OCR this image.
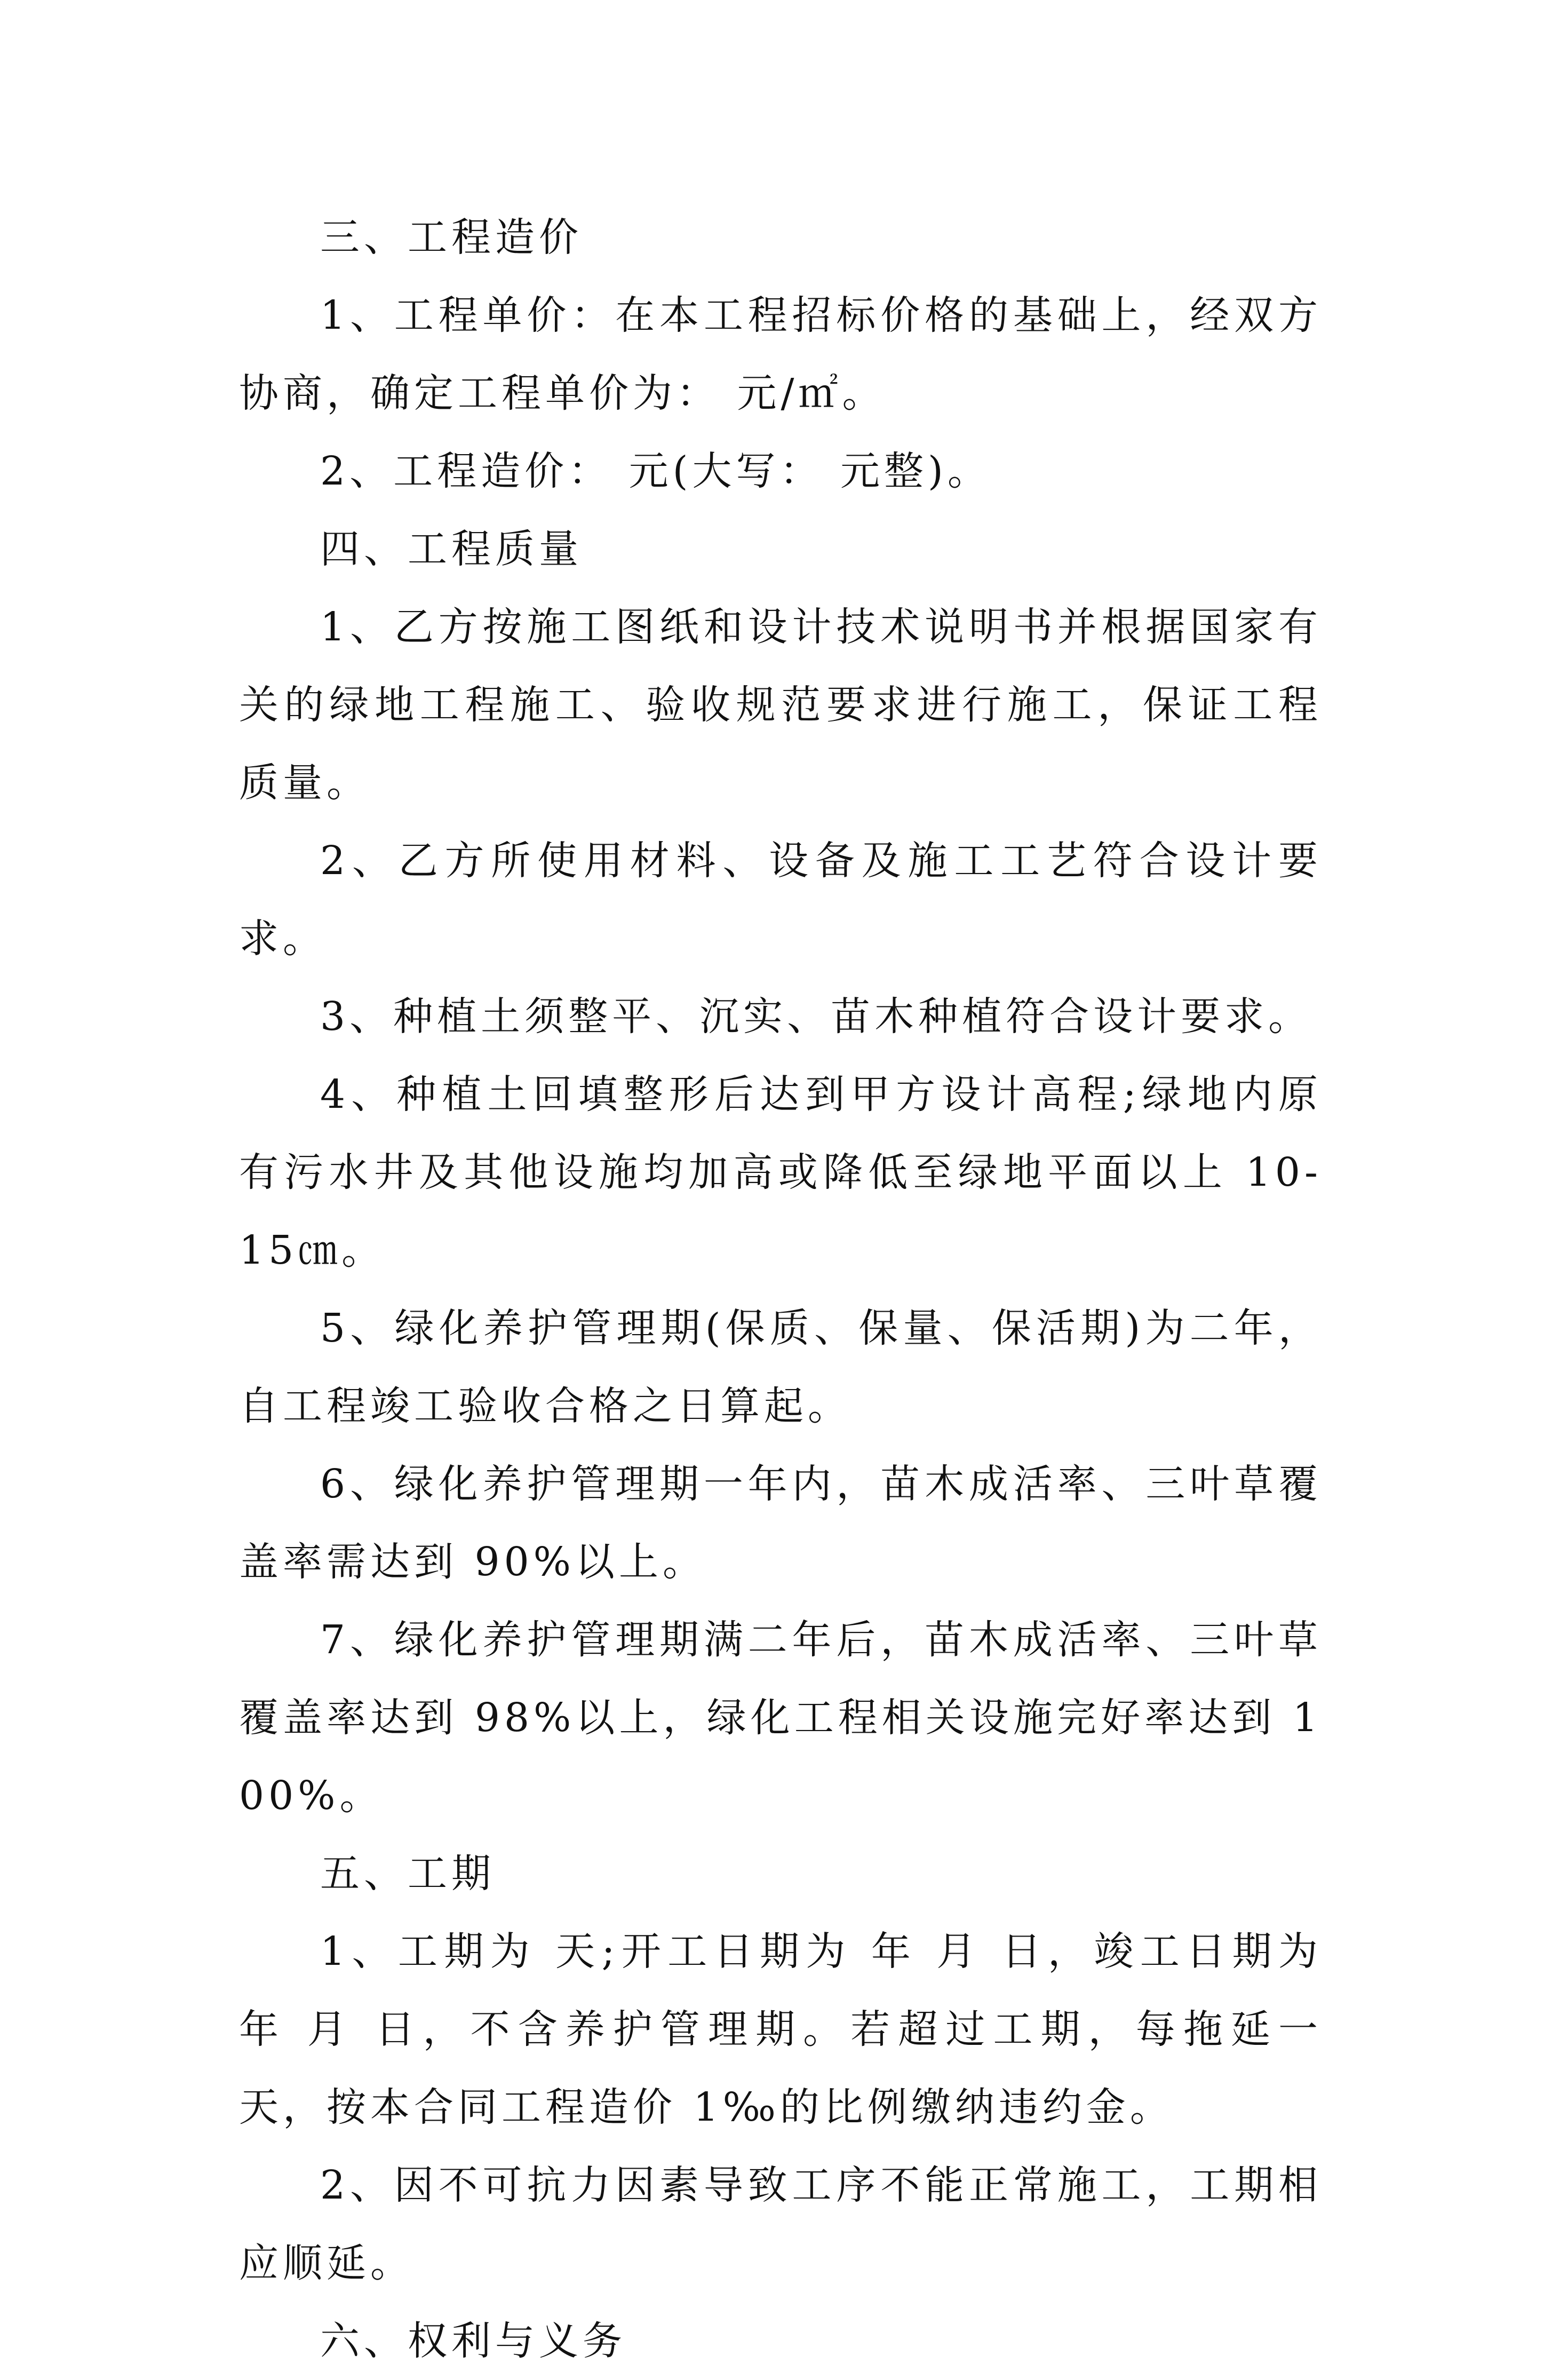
三、工程造价

1、工程单价：在本工程招标价格的基础上，经双方协商，确定工程单价为： 元/㎡。

2、工程造价： 元(大写： 元整)。

四、工程质量

1、乙方按施工图纸和设计技术说明书并根据国家有关的绿地工程施工、验收规范要求进行施工，保证工程质量。

2、乙方所使用材料、设备及施工工艺符合设计要求。

3、种植土须整平、沉实、苗木种植符合设计要求。

4、种植土回填整形后达到甲方设计高程;绿地内原有污水井及其他设施均加高或降低至绿地平面以上 10-15㎝。

5、绿化养护管理期(保质、保量、保活期)为二年，自工程竣工验收合格之日算起。

6、绿化养护管理期一年内，苗木成活率、三叶草覆盖率需达到 90%以上。

7、绿化养护管理期满二年后，苗木成活率、三叶草覆盖率达到 98%以上，绿化工程相关设施完好率达到 100%。

五、工期

1、工期为 天;开工日期为 年 月 日，竣工日期为 年 月 日，不含养护管理期。若超过工期，每拖延一天，按本合同工程造价 1‰的比例缴纳违约金。

2、因不可抗力因素导致工序不能正常施工，工期相应顺延。

六、权利与义务
